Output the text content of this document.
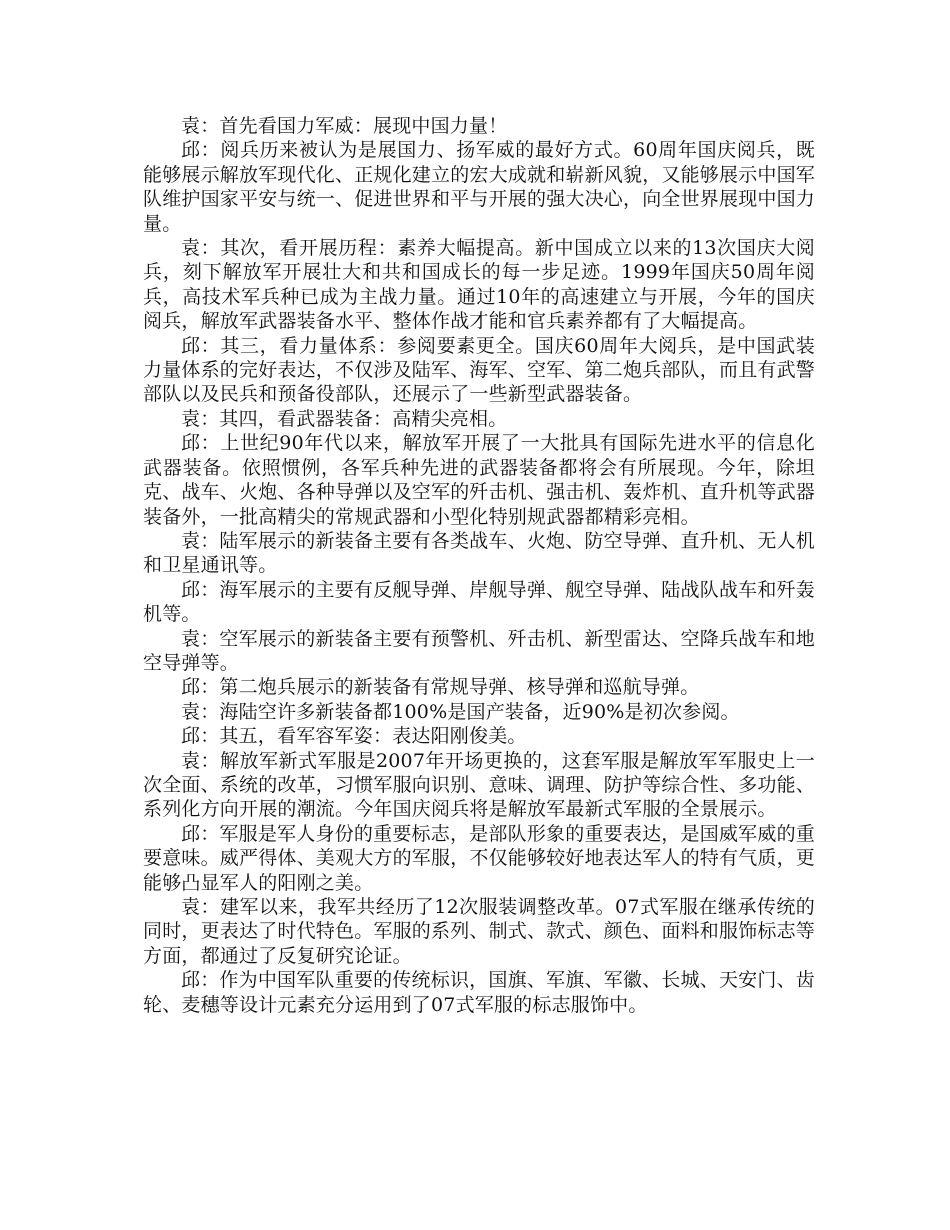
袁：首先看国力军威：展现中国力量！

邱：阅兵历来被认为是展国力、扬军威的最好方式。60周年国庆阅兵，既能够展示解放军现代化、正规化建立的宏大成就和崭新风貌，又能够展示中国军队维护国家平安与统一、促进世界和平与开展的强大决心，向全世界展现中国力量。

袁：其次，看开展历程：素养大幅提高。新中国成立以来的13次国庆大阅兵，刻下解放军开展壮大和共和国成长的每一步足迹。1999年国庆50周年阅兵，高技术军兵种已成为主战力量。通过10年的高速建立与开展，今年的国庆阅兵，解放军武器装备水平、整体作战才能和官兵素养都有了大幅提高。

邱：其三，看力量体系：参阅要素更全。国庆60周年大阅兵，是中国武装力量体系的完好表达，不仅涉及陆军、海军、空军、第二炮兵部队，而且有武警部队以及民兵和预备役部队，还展示了一些新型武器装备。

袁：其四，看武器装备：高精尖亮相。

邱：上世纪90年代以来，解放军开展了一大批具有国际先进水平的信息化武器装备。依照惯例，各军兵种先进的武器装备都将会有所展现。今年，除坦克、战车、火炮、各种导弹以及空军的歼击机、强击机、轰炸机、直升机等武器装备外，一批高精尖的常规武器和小型化特别规武器都精彩亮相。

袁：陆军展示的新装备主要有各类战车、火炮、防空导弹、直升机、无人机和卫星通讯等。

邱：海军展示的主要有反舰导弹、岸舰导弹、舰空导弹、陆战队战车和歼轰机等。

袁：空军展示的新装备主要有预警机、歼击机、新型雷达、空降兵战车和地空导弹等。

邱：第二炮兵展示的新装备有常规导弹、核导弹和巡航导弹。

袁：海陆空许多新装备都100%是国产装备，近90%是初次参阅。

邱：其五，看军容军姿：表达阳刚俊美。

袁：解放军新式军服是2007年开场更换的，这套军服是解放军军服史上一次全面、系统的改革，习惯军服向识别、意味、调理、防护等综合性、多功能、系列化方向开展的潮流。今年国庆阅兵将是解放军最新式军服的全景展示。

邱：军服是军人身份的重要标志，是部队形象的重要表达，是国威军威的重要意味。威严得体、美观大方的军服，不仅能够较好地表达军人的特有气质，更能够凸显军人的阳刚之美。

袁：建军以来，我军共经历了12次服装调整改革。07式军服在继承传统的同时，更表达了时代特色。军服的系列、制式、款式、颜色、面料和服饰标志等方面，都通过了反复研究论证。

邱：作为中国军队重要的传统标识，国旗、军旗、军徽、长城、天安门、齿轮、麦穗等设计元素充分运用到了07式军服的标志服饰中。
